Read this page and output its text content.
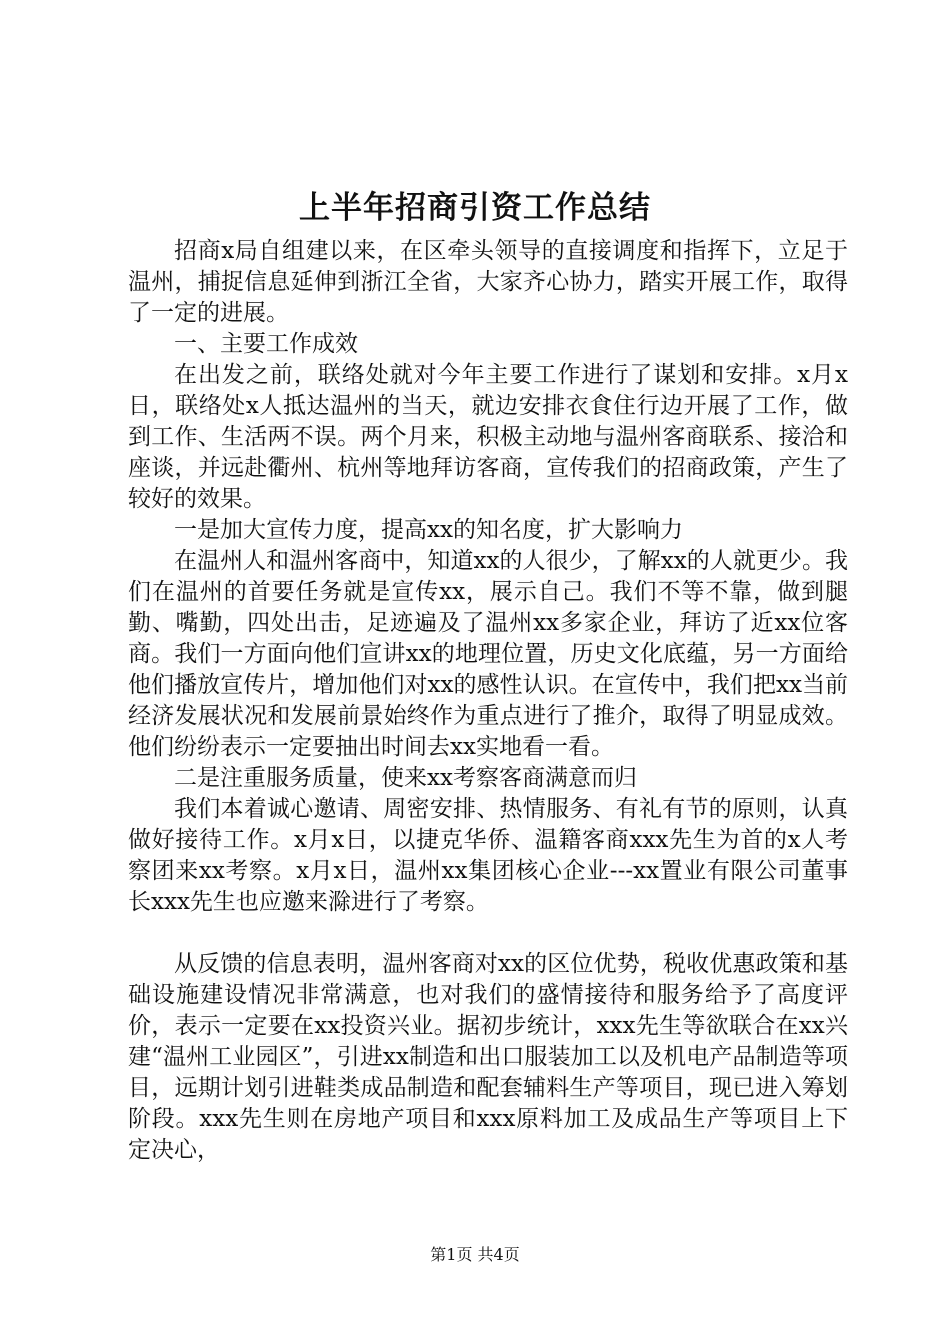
上半年招商引资工作总结

招商x局自组建以来，在区牵头领导的直接调度和指挥下，立足于温州，捕捉信息延伸到浙江全省，大家齐心协力，踏实开展工作，取得了一定的进展。

一、主要工作成效

在出发之前，联络处就对今年主要工作进行了谋划和安排。x月x日，联络处x人抵达温州的当天，就边安排衣食住行边开展了工作，做到工作、生活两不误。两个月来，积极主动地与温州客商联系、接洽和座谈，并远赴衢州、杭州等地拜访客商，宣传我们的招商政策，产生了较好的效果。

一是加大宣传力度，提高xx的知名度，扩大影响力

在温州人和温州客商中，知道xx的人很少，了解xx的人就更少。我们在温州的首要任务就是宣传xx，展示自己。我们不等不靠，做到腿勤、嘴勤，四处出击，足迹遍及了温州xx多家企业，拜访了近xx位客商。我们一方面向他们宣讲xx的地理位置，历史文化底蕴，另一方面给他们播放宣传片，增加他们对xx的感性认识。在宣传中，我们把xx当前经济发展状况和发展前景始终作为重点进行了推介，取得了明显成效。他们纷纷表示一定要抽出时间去xx实地看一看。

二是注重服务质量，使来xx考察客商满意而归

我们本着诚心邀请、周密安排、热情服务、有礼有节的原则，认真做好接待工作。x月x日，以捷克华侨、温籍客商xxx先生为首的x人考察团来xx考察。x月x日，温州xx集团核心企业---xx置业有限公司董事长xxx先生也应邀来滁进行了考察。

从反馈的信息表明，温州客商对xx的区位优势，税收优惠政策和基础设施建设情况非常满意，也对我们的盛情接待和服务给予了高度评价，表示一定要在xx投资兴业。据初步统计，xxx先生等欲联合在xx兴建“温州工业园区”，引进xx制造和出口服装加工以及机电产品制造等项目，远期计划引进鞋类成品制造和配套辅料生产等项目，现已进入筹划阶段。xxx先生则在房地产项目和xxx原料加工及成品生产等项目上下定决心，

第1页 共4页
